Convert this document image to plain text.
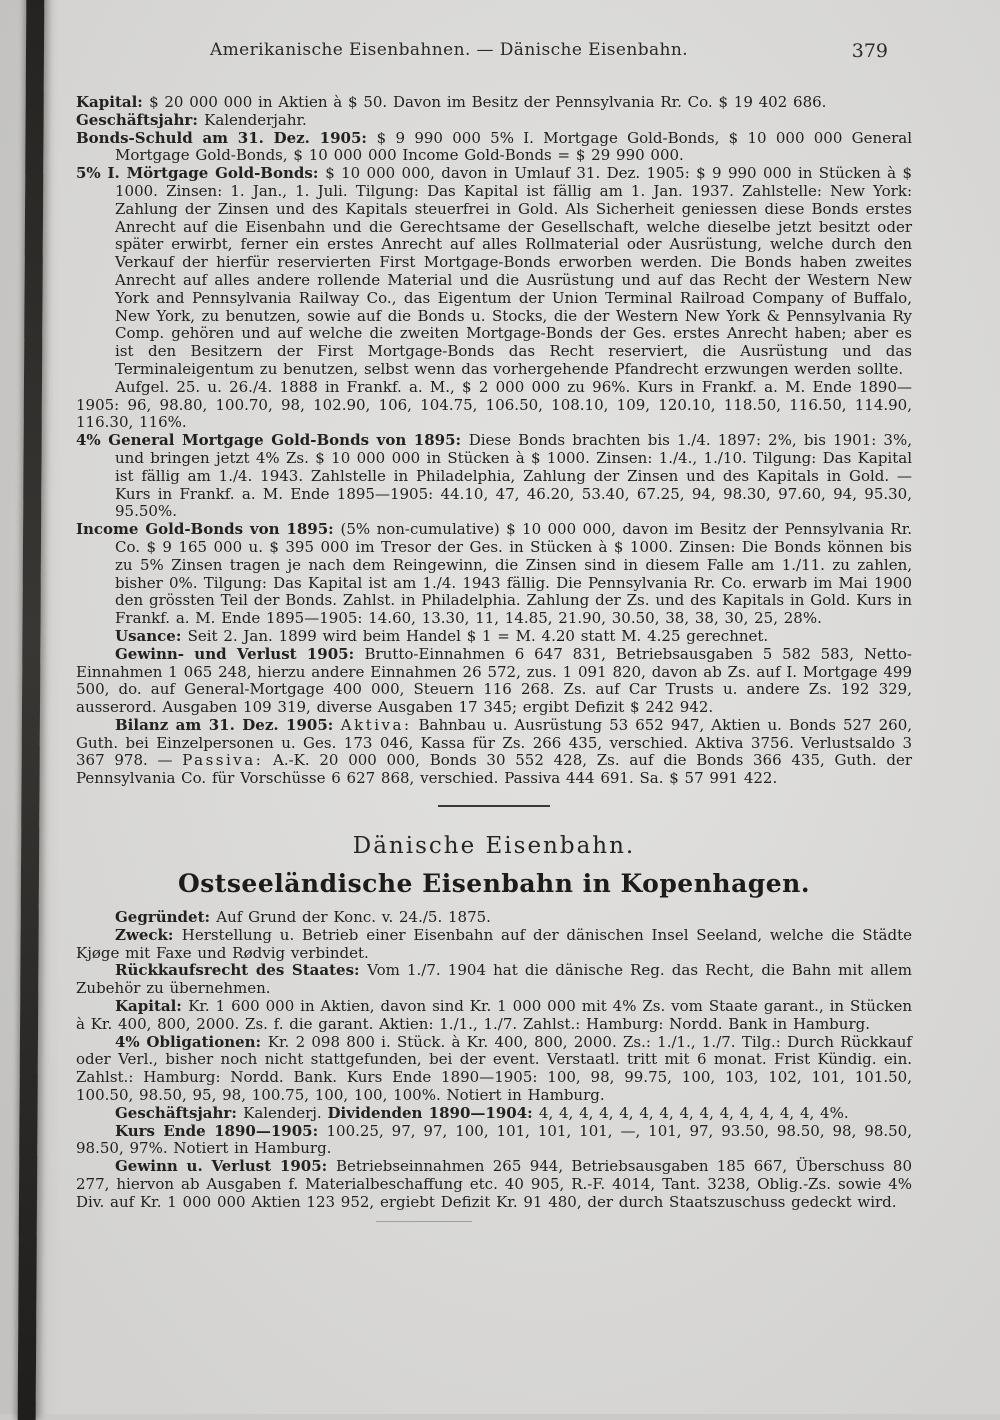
Amerikanische Eisenbahnen. — Dänische Eisenbahn.	379

Kapital: $ 20 000 000 in Aktien à $ 50. Davon im Besitz der Pennsylvania Rr. Co. $ 19 402 686.

Geschäftsjahr: Kalenderjahr.

Bonds-Schuld am 31. Dez. 1905: $ 9 990 000 5% I. Mortgage Gold-Bonds, $ 10 000 000 General Mortgage Gold-Bonds, $ 10 000 000 Income Gold-Bonds = $ 29 990 000.

5% I. Mörtgage Gold-Bonds: $ 10 000 000, davon in Umlauf 31. Dez. 1905: $ 9 990 000 in Stücken à $ 1000. Zinsen: 1. Jan., 1. Juli. Tilgung: Das Kapital ist fällig am 1. Jan. 1937. Zahlstelle: New York: Zahlung der Zinsen und des Kapitals steuerfrei in Gold. Als Sicherheit geniessen diese Bonds erstes Anrecht auf die Eisenbahn und die Gerechtsame der Gesellschaft, welche dieselbe jetzt besitzt oder später erwirbt, ferner ein erstes Anrecht auf alles Rollmaterial oder Ausrüstung, welche durch den Verkauf der hierfür reservierten First Mortgage-Bonds erworben werden. Die Bonds haben zweites Anrecht auf alles andere rollende Material und die Ausrüstung und auf das Recht der Western New York and Pennsylvania Railway Co., das Eigentum der Union Terminal Railroad Company of Buffalo, New York, zu benutzen, sowie auf die Bonds u. Stocks, die der Western New York & Pennsylvania Ry Comp. gehören und auf welche die zweiten Mortgage-Bonds der Ges. erstes Anrecht haben; aber es ist den Besitzern der First Mortgage-Bonds das Recht reserviert, die Ausrüstung und das Terminaleigentum zu benutzen, selbst wenn das vorhergehende Pfandrecht erzwungen werden sollte.

Aufgel. 25. u. 26./4. 1888 in Frankf. a. M., $ 2 000 000 zu 96%. Kurs in Frankf. a. M. Ende 1890—1905: 96, 98.80, 100.70, 98, 102.90, 106, 104.75, 106.50, 108.10, 109, 120.10, 118.50, 116.50, 114.90, 116.30, 116%.

4% General Mortgage Gold-Bonds von 1895: Diese Bonds brachten bis 1./4. 1897: 2%, bis 1901: 3%, und bringen jetzt 4% Zs. $ 10 000 000 in Stücken à $ 1000. Zinsen: 1./4., 1./10. Tilgung: Das Kapital ist fällig am 1./4. 1943. Zahlstelle in Philadelphia, Zahlung der Zinsen und des Kapitals in Gold. — Kurs in Frankf. a. M. Ende 1895—1905: 44.10, 47, 46.20, 53.40, 67.25, 94, 98.30, 97.60, 94, 95.30, 95.50%.

Income Gold-Bonds von 1895: (5% non-cumulative) $ 10 000 000, davon im Besitz der Pennsylvania Rr. Co. $ 9 165 000 u. $ 395 000 im Tresor der Ges. in Stücken à $ 1000. Zinsen: Die Bonds können bis zu 5% Zinsen tragen je nach dem Reingewinn, die Zinsen sind in diesem Falle am 1./11. zu zahlen, bisher 0%. Tilgung: Das Kapital ist am 1./4. 1943 fällig. Die Pennsylvania Rr. Co. erwarb im Mai 1900 den grössten Teil der Bonds. Zahlst. in Philadelphia. Zahlung der Zs. und des Kapitals in Gold. Kurs in Frankf. a. M. Ende 1895—1905: 14.60, 13.30, 11, 14.85, 21.90, 30.50, 38, 38, 30, 25, 28%.

Usance: Seit 2. Jan. 1899 wird beim Handel $ 1 = M. 4.20 statt M. 4.25 gerechnet.

Gewinn- und Verlust 1905: Brutto-Einnahmen 6 647 831, Betriebsausgaben 5 582 583, Netto-Einnahmen 1 065 248, hierzu andere Einnahmen 26 572, zus. 1 091 820, davon ab Zs. auf I. Mortgage 499 500, do. auf General-Mortgage 400 000, Steuern 116 268. Zs. auf Car Trusts u. andere Zs. 192 329, ausserord. Ausgaben 109 319, diverse Ausgaben 17 345; ergibt Defizit $ 242 942.

Bilanz am 31. Dez. 1905: Aktiva: Bahnbau u. Ausrüstung 53 652 947, Aktien u. Bonds 527 260, Guth. bei Einzelpersonen u. Ges. 173 046, Kassa für Zs. 266 435, verschied. Aktiva 3756. Verlustsaldo 3 367 978. — Passiva: A.-K. 20 000 000, Bonds 30 552 428, Zs. auf die Bonds 366 435, Guth. der Pennsylvania Co. für Vorschüsse 6 627 868, verschied. Passiva 444 691. Sa. $ 57 991 422.

Dänische Eisenbahn.
Ostseeländische Eisenbahn in Kopenhagen.

Gegründet: Auf Grund der Konc. v. 24./5. 1875.

Zweck: Herstellung u. Betrieb einer Eisenbahn auf der dänischen Insel Seeland, welche die Städte Kjøge mit Faxe und Rødvig verbindet.

Rückkaufsrecht des Staates: Vom 1./7. 1904 hat die dänische Reg. das Recht, die Bahn mit allem Zubehör zu übernehmen.

Kapital: Kr. 1 600 000 in Aktien, davon sind Kr. 1 000 000 mit 4% Zs. vom Staate garant., in Stücken à Kr. 400, 800, 2000. Zs. f. die garant. Aktien: 1./1., 1./7. Zahlst.: Hamburg: Nordd. Bank in Hamburg.

4% Obligationen: Kr. 2 098 800 i. Stück. à Kr. 400, 800, 2000. Zs.: 1./1., 1./7. Tilg.: Durch Rückkauf oder Verl., bisher noch nicht stattgefunden, bei der event. Verstaatl. tritt mit 6 monat. Frist Kündig. ein. Zahlst.: Hamburg: Nordd. Bank. Kurs Ende 1890—1905: 100, 98, 99.75, 100, 103, 102, 101, 101.50, 100.50, 98.50, 95, 98, 100.75, 100, 100, 100%. Notiert in Hamburg.

Geschäftsjahr: Kalenderj. Dividenden 1890—1904: 4, 4, 4, 4, 4, 4, 4, 4, 4, 4, 4, 4, 4, 4, 4%.

Kurs Ende 1890—1905: 100.25, 97, 97, 100, 101, 101, 101, —, 101, 97, 93.50, 98.50, 98, 98.50, 98.50, 97%. Notiert in Hamburg.

Gewinn u. Verlust 1905: Betriebseinnahmen 265 944, Betriebsausgaben 185 667, Überschuss 80 277, hiervon ab Ausgaben f. Materialbeschaffung etc. 40 905, R.-F. 4014, Tant. 3238, Oblig.-Zs. sowie 4% Div. auf Kr. 1 000 000 Aktien 123 952, ergiebt Defizit Kr. 91 480, der durch Staatszuschuss gedeckt wird.
